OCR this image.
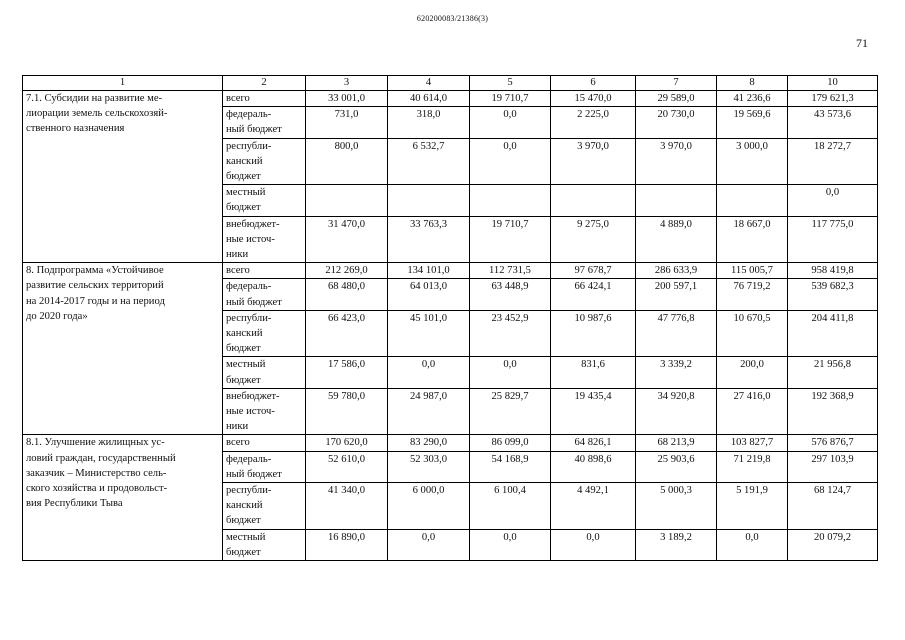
620200083/21386(3)
71
1	2	3	4	5	6	7	8	10
7.1. Субсидии на развитие ме-
лиорации земель сельскохозяй-
ственного назначения	всего	33 001,0	40 614,0	19 710,7	15 470,0	29 589,0	41 236,6	179 621,3
	федераль-
ный бюджет	731,0	318,0	0,0	2 225,0	20 730,0	19 569,6	43 573,6
	республи-
канский
бюджет	800,0	6 532,7	0,0	3 970,0	3 970,0	3 000,0	18 272,7
	местный
бюджет							0,0
	внебюджет-
ные источ-
ники	31 470,0	33 763,3	19 710,7	9 275,0	4 889,0	18 667,0	117 775,0
8. Подпрограмма «Устойчивое
развитие сельских территорий
на 2014-2017 годы и на период
до 2020 года»	всего	212 269,0	134 101,0	112 731,5	97 678,7	286 633,9	115 005,7	958 419,8
	федераль-
ный бюджет	68 480,0	64 013,0	63 448,9	66 424,1	200 597,1	76 719,2	539 682,3
	республи-
канский
бюджет	66 423,0	45 101,0	23 452,9	10 987,6	47 776,8	10 670,5	204 411,8
	местный
бюджет	17 586,0	0,0	0,0	831,6	3 339,2	200,0	21 956,8
	внебюджет-
ные источ-
ники	59 780,0	24 987,0	25 829,7	19 435,4	34 920,8	27 416,0	192 368,9
8.1. Улучшение жилищных ус-
ловий граждан, государственный
заказчик – Министерство сель-
ского хозяйства и продовольст-
вия Республики Тыва	всего	170 620,0	83 290,0	86 099,0	64 826,1	68 213,9	103 827,7	576 876,7
	федераль-
ный бюджет	52 610,0	52 303,0	54 168,9	40 898,6	25 903,6	71 219,8	297 103,9
	республи-
канский
бюджет	41 340,0	6 000,0	6 100,4	4 492,1	5 000,3	5 191,9	68 124,7
	местный
бюджет	16 890,0	0,0	0,0	0,0	3 189,2	0,0	20 079,2
